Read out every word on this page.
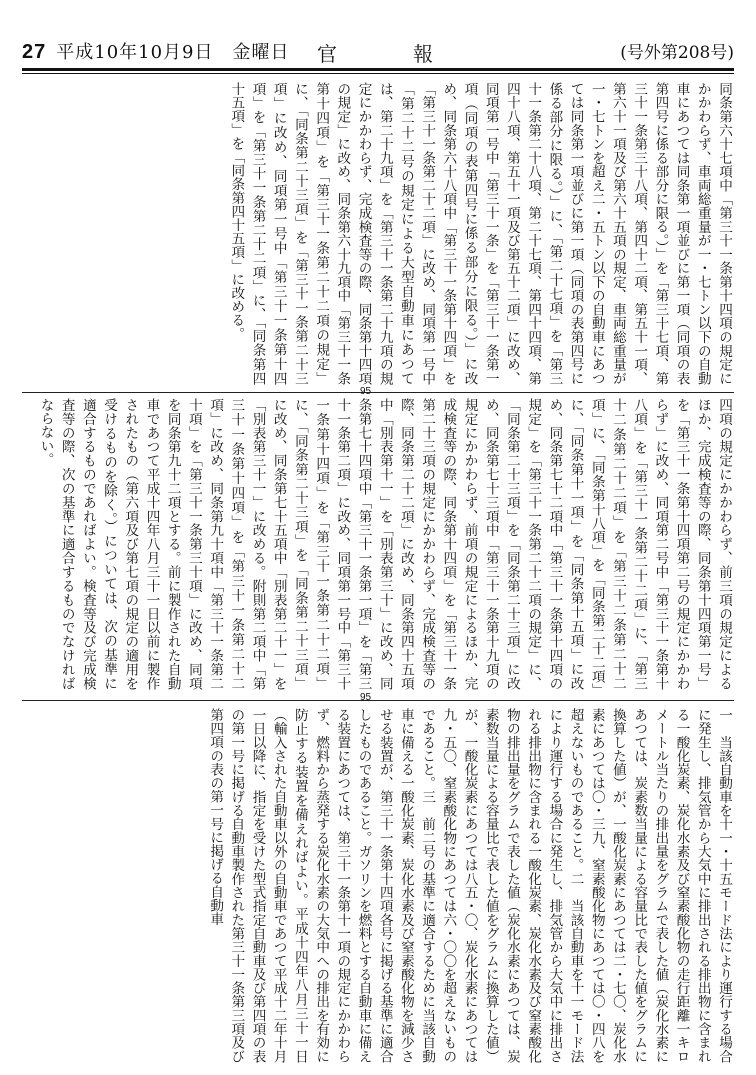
27 平成10年10月9日　金曜日 官　報	(号外第208号)

同条第六十七項中「第三十一条第十四項の規定にかかわらず、車両総重量が一・七トン以下の自動車にあつては同条第一項並びに第一項（同項の表第四号に係る部分に限る。）」を「第三十七項、第三十一条第三十八項、第四十二項、第五十一項、第六十一項及び第六十五項の規定、車両総重量が一・七トンを超え二・五トン以下の自動車にあつては同条第一項並びに第一項（同項の表第四号に係る部分に限る。）」に、「第二十七項」を「第三十一条第二十八項、第二十七項、第四十四項、第四十八項、第五十一項及び第五十二項」に改め、同項第一号中「第三十一条」を「第三十一条第一項（同項の表第四号に係る部分に限る。）」に改め、同条第六十八項中「第三十一条第十四項」を「第三十一条第二十二項」に改め、同項第一号中「第二十二号の規定による大型自動車にあつては、第二十九項」を「第三十一条第二十九項の規定にかかわらず、完成検査等の際、同条第十四項の規定」に改め、同条第六十九項中「第三十一条第十四項」を「第三十一条第二十二項の規定」に、「同条第二十三項」を「第三十一条第二十三項」に改め、同項第一号中「第三十一条第十四項」を「第三十一条第二十二項」に、「同条第四十五項」を「同条第四十五項」に改める。

95

四項の規定にかかわらず、前三項の規定によるほか、完成検査等の際、同条第十四項第一号」を「第三十一条第十四項第二号の規定にかかわらず」に改め、同項第二号中「第三十一条第十八項」を「第三十一条第二十二項」に、「第三十二条第二十二項」を「第三十二条第二十二項」に、「同条第十八項」を「同条第二十二項」に、「同条第十一項」を「同条第十五項」に改め、同条第七十二項中「第三十一条第十四項の規定」を「第三十一条第二十二項の規定」に、「同条第二十三項」を「同条第二十三項」に改め、同条第七十三項中「第三十一条第十九項の規定にかかわらず、前項の規定によるほか、完成検査等の際、同条第十四項」を「第三十一条第二十三項の規定にかかわらず、完成検査等の際、同条第二十二項」に改め、同条第四十五項中「別表第十一」を「別表第三十」に改め、同条第七十四項中「第三十一条第一項」を「第三十一条第二項」に改め、同項第一号中「第三十一条第十四項」を「第三十一条第二十二項」に、「同条第二十三項」を「同条第二十三項」に改め、同条第七十五項中「別表第二十一」を「別表第三十一」に改める。附則第二項中「第三十一条第十四項」を「第三十一条第二十二項」に改め、同条第九十項中「第三十一条第二十項」を「第三十一条第三十項」に改め、同項を同条第九十二項とする。前に製作された自動車であつて平成十四年八月三十一日以前に製作されたもの（第六項及び第七項の規定の適用を受けるものを除く。）については、次の基準に適合するものであればよい。検査等及び完成検査等の際、次の基準に適合するものでなければならない。

95

一　当該自動車を十一・十五モード法により運行する場合に発生し、排気管から大気中に排出される排出物に含まれる一酸化炭素、炭化水素及び窒素酸化物の走行距離一キロメートル当たりの排出量をグラムで表した値（炭化水素にあつては、炭素数当量による容量比で表した値をグラムに換算した値）が、一酸化炭素にあつては二・七〇、炭化水素にあつては〇・三九、窒素酸化物にあつては〇・四八を超えないものであること。二　当該自動車を十一モード法により運行する場合に発生し、排気管から大気中に排出される排出物に含まれる一酸化炭素、炭化水素及び窒素酸化物の排出量をグラムで表した値（炭化水素にあつては、炭素数当量による容量比で表した値をグラムに換算した値）が、一酸化炭素にあつては八五・〇、炭化水素にあつては九・五〇、窒素酸化物にあつては六・〇〇を超えないものであること。三　前二号の基準に適合するために当該自動車に備える一酸化炭素、炭化水素及び窒素酸化物を減少させる装置が、第三十一条第十四項各号に掲げる基準に適合したものであること。ガソリンを燃料とする自動車に備える装置にあつては、第三十一条第十一項の規定にかかわらず、燃料から蒸発する炭化水素の大気中への排出を有効に防止する装置を備えればよい。平成十四年八月三十一日（輸入された自動車以外の自動車であつて平成十二年十月一日以降に、指定を受けた型式指定自動車及び第四項の表の第一号に掲げる自動車製作された第三十一条第三項及び第四項の表の第一号に掲げる自動車
